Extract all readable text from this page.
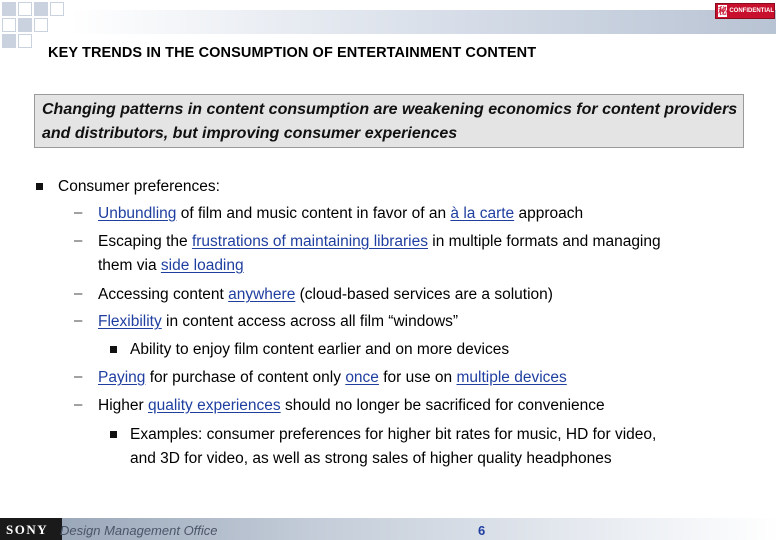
秘 CONFIDENTIAL
KEY TRENDS IN THE CONSUMPTION OF ENTERTAINMENT CONTENT
Changing patterns in content consumption are weakening economics for content providers and distributors, but improving consumer experiences
Consumer preferences:
– Unbundling of film and music content in favor of an à la carte approach
– Escaping the frustrations of maintaining libraries in multiple formats and managing
them via side loading
– Accessing content anywhere (cloud-based services are a solution)
– Flexibility in content access across all film “windows”
Ability to enjoy film content earlier and on more devices
– Paying for purchase of content only once for use on multiple devices
– Higher quality experiences should no longer be sacrificed for convenience
Examples: consumer preferences for higher bit rates for music, HD for video,
and 3D for video, as well as strong sales of higher quality headphones
SONY Design Management Office	6
